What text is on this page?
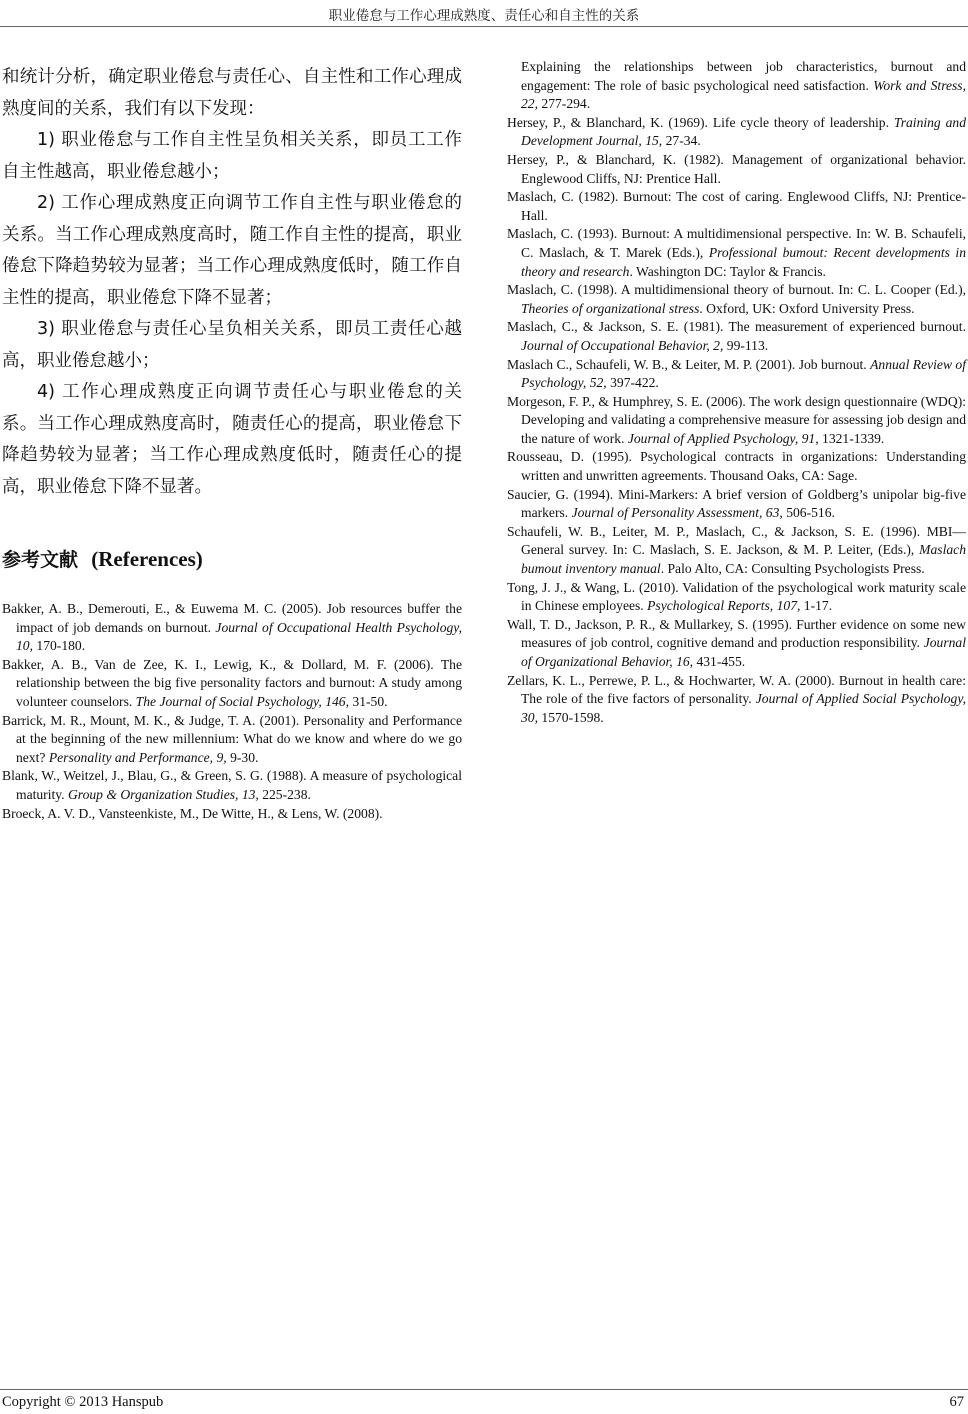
职业倦怠与工作心理成熟度、责任心和自主性的关系

和统计分析，确定职业倦怠与责任心、自主性和工作心理成熟度间的关系，我们有以下发现：

1) 职业倦怠与工作自主性呈负相关关系，即员工工作自主性越高，职业倦怠越小；

2) 工作心理成熟度正向调节工作自主性与职业倦怠的关系。当工作心理成熟度高时，随工作自主性的提高，职业倦怠下降趋势较为显著；当工作心理成熟度低时，随工作自主性的提高，职业倦怠下降不显著；

3) 职业倦怠与责任心呈负相关关系，即员工责任心越高，职业倦怠越小；

4) 工作心理成熟度正向调节责任心与职业倦怠的关系。当工作心理成熟度高时，随责任心的提高，职业倦怠下降趋势较为显著；当工作心理成熟度低时，随责任心的提高，职业倦怠下降不显著。

参考文献 (References)

Bakker, A. B., Demerouti, E., & Euwema M. C. (2005). Job resources buffer the impact of job demands on burnout. Journal of Occupational Health Psychology, 10, 170-180.

Bakker, A. B., Van de Zee, K. I., Lewig, K., & Dollard, M. F. (2006). The relationship between the big five personality factors and burnout: A study among volunteer counselors. The Journal of Social Psychology, 146, 31-50.

Barrick, M. R., Mount, M. K., & Judge, T. A. (2001). Personality and Performance at the beginning of the new millennium: What do we know and where do we go next? Personality and Performance, 9, 9-30.

Blank, W., Weitzel, J., Blau, G., & Green, S. G. (1988). A measure of psychological maturity. Group & Organization Studies, 13, 225-238.

Broeck, A. V. D., Vansteenkiste, M., De Witte, H., & Lens, W. (2008).

Explaining the relationships between job characteristics, burnout and engagement: The role of basic psychological need satisfaction. Work and Stress, 22, 277-294.

Hersey, P., & Blanchard, K. (1969). Life cycle theory of leadership. Training and Development Journal, 15, 27-34.

Hersey, P., & Blanchard, K. (1982). Management of organizational behavior. Englewood Cliffs, NJ: Prentice Hall.

Maslach, C. (1982). Burnout: The cost of caring. Englewood Cliffs, NJ: Prentice-Hall.

Maslach, C. (1993). Burnout: A multidimensional perspective. In: W. B. Schaufeli, C. Maslach, & T. Marek (Eds.), Professional bumout: Recent developments in theory and research. Washington DC: Taylor & Francis.

Maslach, C. (1998). A multidimensional theory of burnout. In: C. L. Cooper (Ed.), Theories of organizational stress. Oxford, UK: Oxford University Press.

Maslach, C., & Jackson, S. E. (1981). The measurement of experienced burnout. Journal of Occupational Behavior, 2, 99-113.

Maslach C., Schaufeli, W. B., & Leiter, M. P. (2001). Job burnout. Annual Review of Psychology, 52, 397-422.

Morgeson, F. P., & Humphrey, S. E. (2006). The work design questionnaire (WDQ): Developing and validating a comprehensive measure for assessing job design and the nature of work. Journal of Applied Psychology, 91, 1321-1339.

Rousseau, D. (1995). Psychological contracts in organizations: Understanding written and unwritten agreements. Thousand Oaks, CA: Sage.

Saucier, G. (1994). Mini-Markers: A brief version of Goldberg’s unipolar big-five markers. Journal of Personality Assessment, 63, 506-516.

Schaufeli, W. B., Leiter, M. P., Maslach, C., & Jackson, S. E. (1996). MBI—General survey. In: C. Maslach, S. E. Jackson, & M. P. Leiter, (Eds.), Maslach bumout inventory manual. Palo Alto, CA: Consulting Psychologists Press.

Tong, J. J., & Wang, L. (2010). Validation of the psychological work maturity scale in Chinese employees. Psychological Reports, 107, 1-17.

Wall, T. D., Jackson, P. R., & Mullarkey, S. (1995). Further evidence on some new measures of job control, cognitive demand and production responsibility. Journal of Organizational Behavior, 16, 431-455.

Zellars, K. L., Perrewe, P. L., & Hochwarter, W. A. (2000). Burnout in health care: The role of the five factors of personality. Journal of Applied Social Psychology, 30, 1570-1598.

Copyright © 2013 Hanspub	67
